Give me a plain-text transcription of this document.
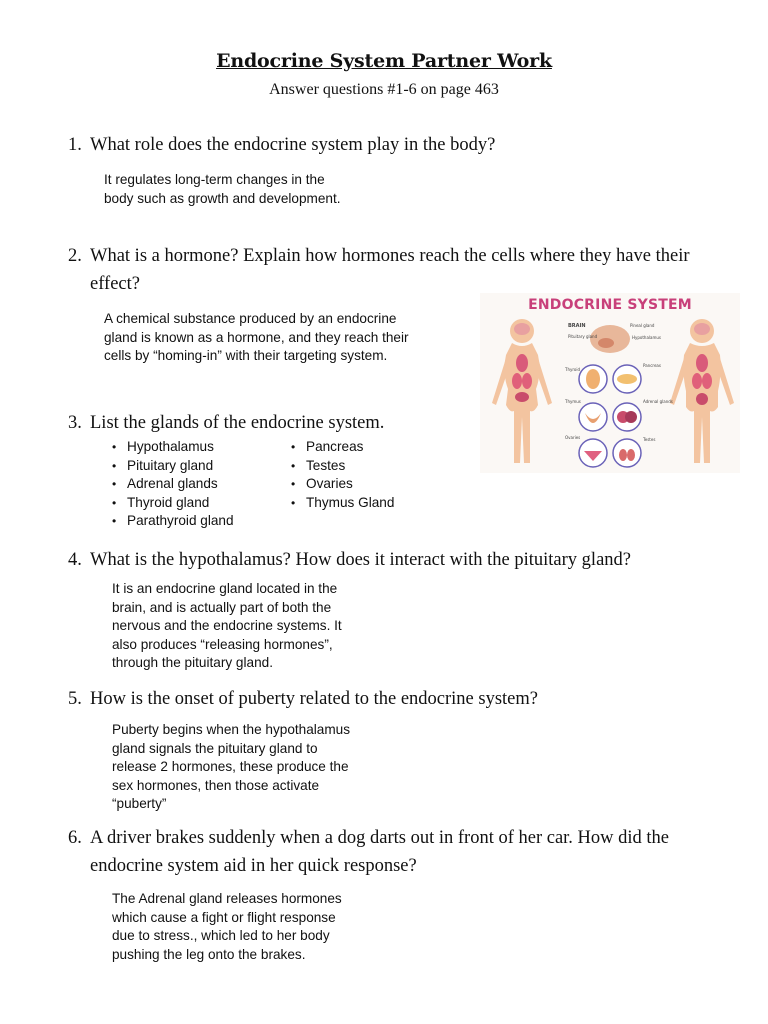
Endocrine System Partner Work
Answer questions #1-6 on page 463
1. What role does the endocrine system play in the body?
It regulates long-term changes in the
body such as growth and development.
2. What is a hormone? Explain how hormones reach the cells where they have their effect?
A chemical substance produced by an endocrine
gland is known as a hormone, and they reach their
cells by “homing-in” with their targeting system.
ENDOCRINE SYSTEM
BRAIN	Pineal gland
Pituitary gland	Hypothalamus
Thyroid
Pancreas
Thymus	Adrenal glands
Ovaries	Testes
3. List the glands of the endocrine system.
• Hypothalamus
• Pituitary gland
• Adrenal glands
• Thyroid gland
• Parathyroid gland
• Pancreas
• Testes
• Ovaries
• Thymus Gland
4. What is the hypothalamus? How does it interact with the pituitary gland?
It is an endocrine gland located in the
brain, and is actually part of both the
nervous and the endocrine systems. It
also produces “releasing hormones”,
through the pituitary gland.
5. How is the onset of puberty related to the endocrine system?
Puberty begins when the hypothalamus
gland signals the pituitary gland to
release 2 hormones, these produce the
sex hormones, then those activate
“puberty”
6. A driver brakes suddenly when a dog darts out in front of her car. How did the endocrine system aid in her quick response?
The Adrenal gland releases hormones
which cause a fight or flight response
due to stress., which led to her body
pushing the leg onto the brakes.
